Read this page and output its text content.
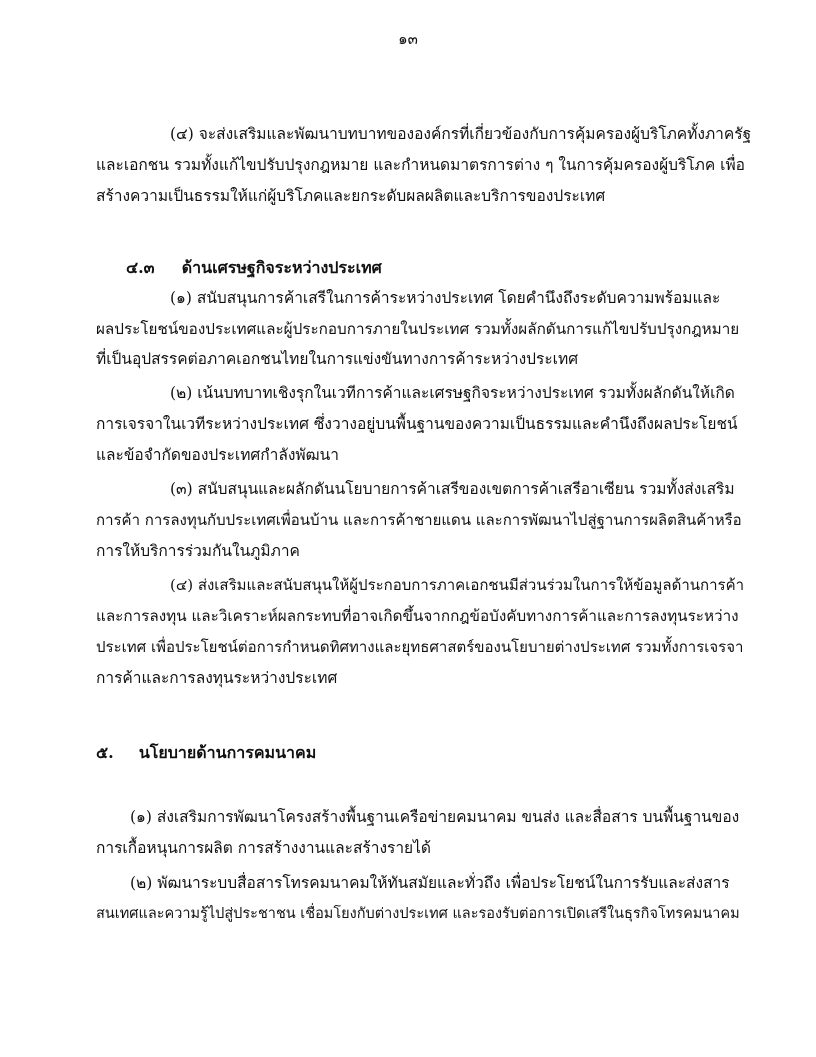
๑๓
(๔) จะส่งเสริมและพัฒนาบทบาทขององค์กรที่เกี่ยวข้องกับการคุ้มครองผู้บริโภคทั้งภาครัฐ
และเอกชน รวมทั้งแก้ไขปรับปรุงกฎหมาย และกำหนดมาตรการต่าง ๆ ในการคุ้มครองผู้บริโภค เพื่อ
สร้างความเป็นธรรมให้แก่ผู้บริโภคและยกระดับผลผลิตและบริการของประเทศ
๔.๓ ด้านเศรษฐกิจระหว่างประเทศ
(๑) สนับสนุนการค้าเสรีในการค้าระหว่างประเทศ โดยคำนึงถึงระดับความพร้อมและ
ผลประโยชน์ของประเทศและผู้ประกอบการภายในประเทศ รวมทั้งผลักดันการแก้ไขปรับปรุงกฎหมาย
ที่เป็นอุปสรรคต่อภาคเอกชนไทยในการแข่งขันทางการค้าระหว่างประเทศ
(๒) เน้นบทบาทเชิงรุกในเวทีการค้าและเศรษฐกิจระหว่างประเทศ รวมทั้งผลักดันให้เกิด
การเจรจาในเวทีระหว่างประเทศ ซึ่งวางอยู่บนพื้นฐานของความเป็นธรรมและคำนึงถึงผลประโยชน์
และข้อจำกัดของประเทศกำลังพัฒนา
(๓) สนับสนุนและผลักดันนโยบายการค้าเสรีของเขตการค้าเสรีอาเซียน รวมทั้งส่งเสริม
การค้า การลงทุนกับประเทศเพื่อนบ้าน และการค้าชายแดน และการพัฒนาไปสู่ฐานการผลิตสินค้าหรือ
การให้บริการร่วมกันในภูมิภาค
(๔) ส่งเสริมและสนับสนุนให้ผู้ประกอบการภาคเอกชนมีส่วนร่วมในการให้ข้อมูลด้านการค้า
และการลงทุน และวิเคราะห์ผลกระทบที่อาจเกิดขึ้นจากกฎข้อบังคับทางการค้าและการลงทุนระหว่าง
ประเทศ เพื่อประโยชน์ต่อการกำหนดทิศทางและยุทธศาสตร์ของนโยบายต่างประเทศ รวมทั้งการเจรจา
การค้าและการลงทุนระหว่างประเทศ
๕. นโยบายด้านการคมนาคม
(๑) ส่งเสริมการพัฒนาโครงสร้างพื้นฐานเครือข่ายคมนาคม ขนส่ง และสื่อสาร บนพื้นฐานของ
การเกื้อหนุนการผลิต การสร้างงานและสร้างรายได้
(๒) พัฒนาระบบสื่อสารโทรคมนาคมให้ทันสมัยและทั่วถึง เพื่อประโยชน์ในการรับและส่งสาร
สนเทศและความรู้ไปสู่ประชาชน เชื่อมโยงกับต่างประเทศ และรองรับต่อการเปิดเสรีในธุรกิจโทรคมนาคม
